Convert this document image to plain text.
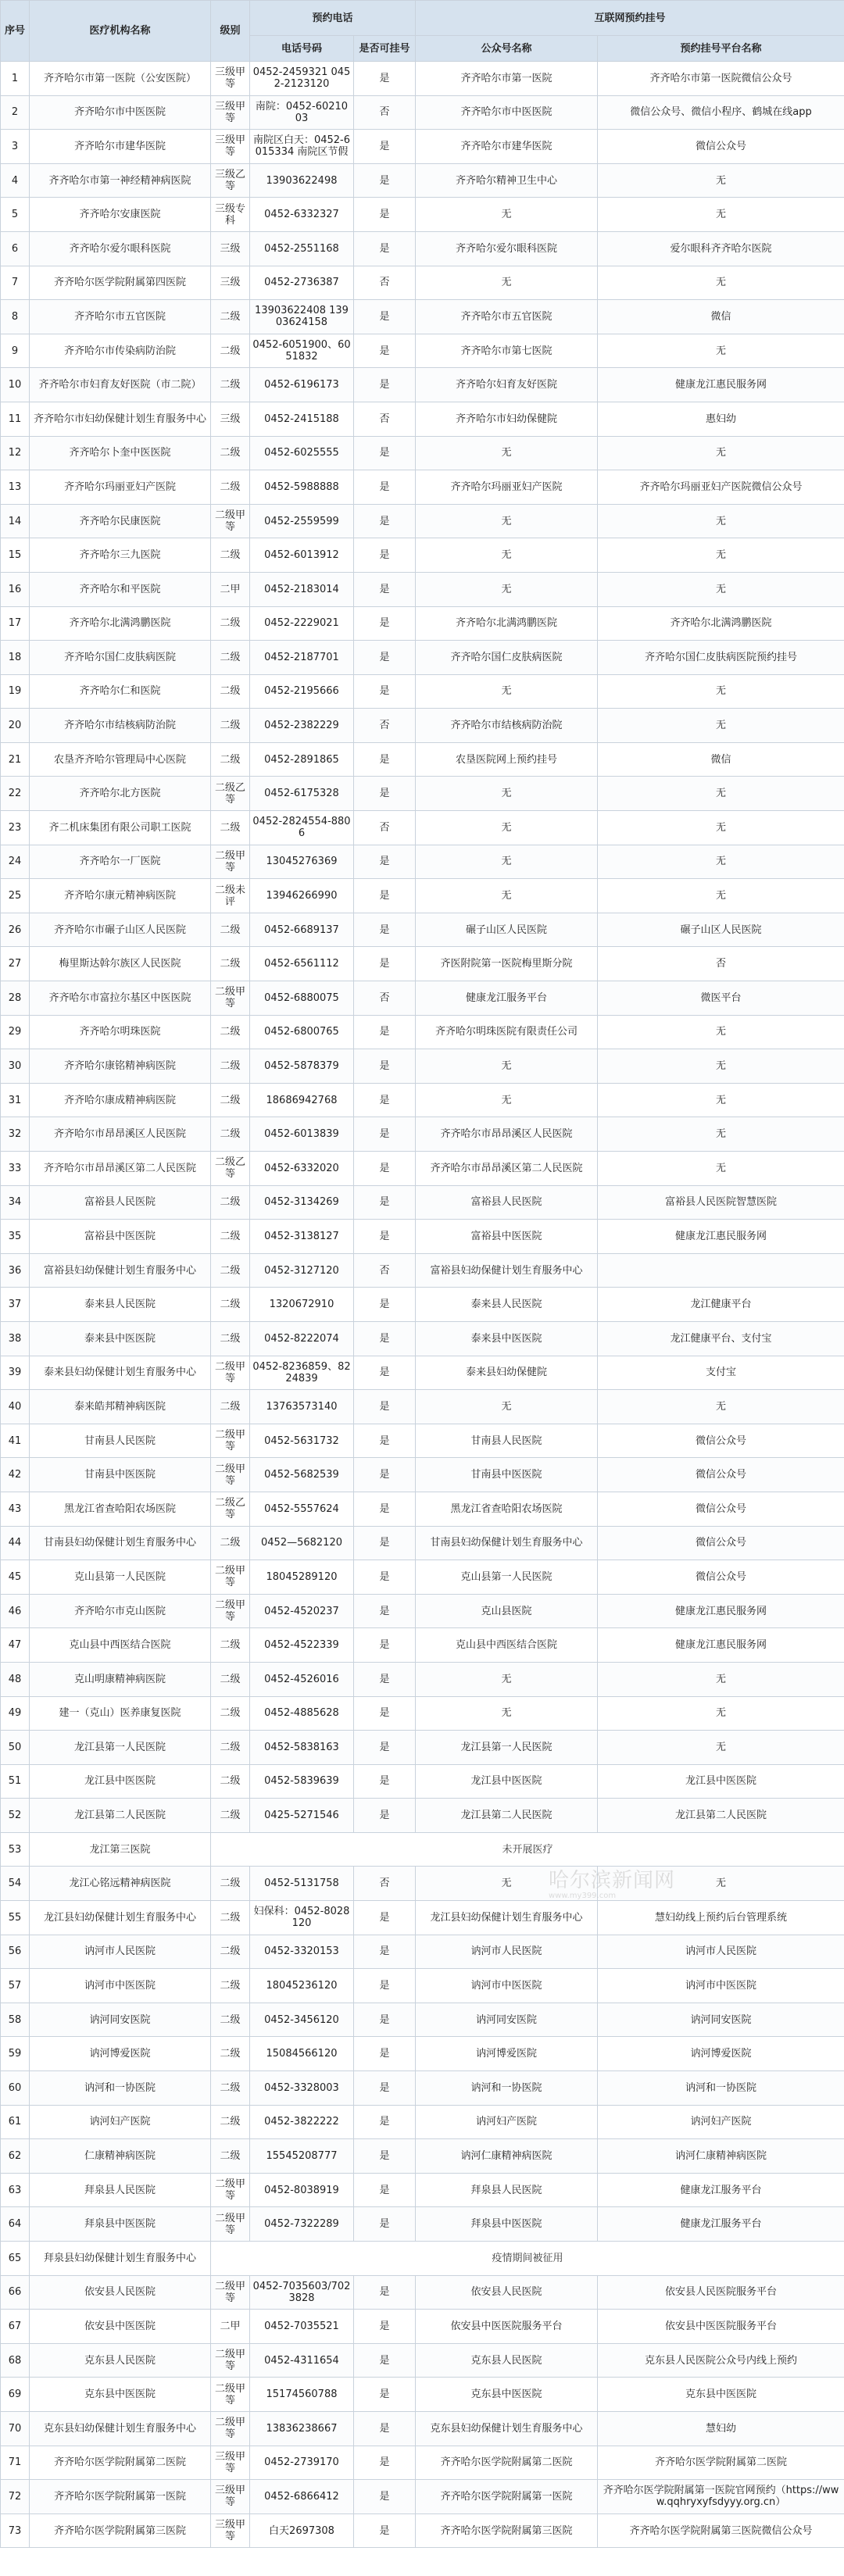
序号	医疗机构名称	级别	预约电话		互联网预约挂号	
			电话号码	是否可挂号	公众号名称	预约挂号平台名称
1	齐齐哈尔市第一医院（公安医院）	三级甲等	0452-2459321 0452-2123120	是	齐齐哈尔市第一医院	齐齐哈尔市第一医院微信公众号
2	齐齐哈尔市中医医院	三级甲等	南院：0452-6021003	否	齐齐哈尔市中医医院	微信公众号、微信小程序、鹤城在线app
3	齐齐哈尔市建华医院	三级甲等	南院区白天：0452-6015334 南院区节假	是	齐齐哈尔市建华医院	微信公众号
4	齐齐哈尔市第一神经精神病医院	三级乙等	13903622498	是	齐齐哈尔精神卫生中心	无
5	齐齐哈尔安康医院	三级专科	0452-6332327	是	无	无
6	齐齐哈尔爱尔眼科医院	三级	0452-2551168	是	齐齐哈尔爱尔眼科医院	爱尔眼科齐齐哈尔医院
7	齐齐哈尔医学院附属第四医院	三级	0452-2736387	否	无	无
8	齐齐哈尔市五官医院	二级	13903622408 13903624158	是	齐齐哈尔市五官医院	微信
9	齐齐哈尔市传染病防治院	二级	0452-6051900、6051832	是	齐齐哈尔市第七医院	无
10	齐齐哈尔市妇育友好医院（市二院）	二级	0452-6196173	是	齐齐哈尔妇育友好医院	健康龙江惠民服务网
11	齐齐哈尔市妇幼保健计划生育服务中心	三级	0452-2415188	否	齐齐哈尔市妇幼保健院	惠妇幼
12	齐齐哈尔卜奎中医医院	二级	0452-6025555	是	无	无
13	齐齐哈尔玛丽亚妇产医院	二级	0452-5988888	是	齐齐哈尔玛丽亚妇产医院	齐齐哈尔玛丽亚妇产医院微信公众号
14	齐齐哈尔民康医院	二级甲等	0452-2559599	是	无	无
15	齐齐哈尔三九医院	二级	0452-6013912	是	无	无
16	齐齐哈尔和平医院	二甲	0452-2183014	是	无	无
17	齐齐哈尔北满鸿鹏医院	二级	0452-2229021	是	齐齐哈尔北满鸿鹏医院	齐齐哈尔北满鸿鹏医院
18	齐齐哈尔国仁皮肤病医院	二级	0452-2187701	是	齐齐哈尔国仁皮肤病医院	齐齐哈尔国仁皮肤病医院预约挂号
19	齐齐哈尔仁和医院	二级	0452-2195666	是	无	无
20	齐齐哈尔市结核病防治院	二级	0452-2382229	否	齐齐哈尔市结核病防治院	无
21	农垦齐齐哈尔管理局中心医院	二级	0452-2891865	是	农垦医院网上预约挂号	微信
22	齐齐哈尔北方医院	二级乙等	0452-6175328	是	无	无
23	齐二机床集团有限公司职工医院	二级	0452-2824554-8806	否	无	无
24	齐齐哈尔一厂医院	二级甲等	13045276369	是	无	无
25	齐齐哈尔康元精神病医院	二级未评	13946266990	是	无	无
26	齐齐哈尔市碾子山区人民医院	二级	0452-6689137	是	碾子山区人民医院	碾子山区人民医院
27	梅里斯达斡尔族区人民医院	二级	0452-6561112	是	齐医附院第一医院梅里斯分院	否
28	齐齐哈尔市富拉尔基区中医医院	二级甲等	0452-6880075	否	健康龙江服务平台	微医平台
29	齐齐哈尔明珠医院	二级	0452-6800765	是	齐齐哈尔明珠医院有限责任公司	无
30	齐齐哈尔康铭精神病医院	二级	0452-5878379	是	无	无
31	齐齐哈尔康成精神病医院	二级	18686942768	是	无	无
32	齐齐哈尔市昂昂溪区人民医院	二级	0452-6013839	是	齐齐哈尔市昂昂溪区人民医院	无
33	齐齐哈尔市昂昂溪区第二人民医院	二级乙等	0452-6332020	是	齐齐哈尔市昂昂溪区第二人民医院	无
34	富裕县人民医院	二级	0452-3134269	是	富裕县人民医院	富裕县人民医院智慧医院
35	富裕县中医医院	二级	0452-3138127	是	富裕县中医医院	健康龙江惠民服务网
36	富裕县妇幼保健计划生育服务中心	二级	0452-3127120	否	富裕县妇幼保健计划生育服务中心	
37	泰来县人民医院	二级	1320672910	是	泰来县人民医院	龙江健康平台
38	泰来县中医医院	二级	0452-8222074	是	泰来县中医医院	龙江健康平台、支付宝
39	泰来县妇幼保健计划生育服务中心	二级甲等	0452-8236859、8224839	是	泰来县妇幼保健院	支付宝
40	泰来皓邦精神病医院	二级	13763573140	是	无	无
41	甘南县人民医院	二级甲等	0452-5631732	是	甘南县人民医院	微信公众号
42	甘南县中医医院	二级甲等	0452-5682539	是	甘南县中医医院	微信公众号
43	黑龙江省查哈阳农场医院	二级乙等	0452-5557624	是	黑龙江省查哈阳农场医院	微信公众号
44	甘南县妇幼保健计划生育服务中心	二级	0452—5682120	是	甘南县妇幼保健计划生育服务中心	微信公众号
45	克山县第一人民医院	二级甲等	18045289120	是	克山县第一人民医院	微信公众号
46	齐齐哈尔市克山医院	二级甲等	0452-4520237	是	克山县医院	健康龙江惠民服务网
47	克山县中西医结合医院	二级	0452-4522339	是	克山县中西医结合医院	健康龙江惠民服务网
48	克山明康精神病医院	二级	0452-4526016	是	无	无
49	建一（克山）医养康复医院	二级	0452-4885628	是	无	无
50	龙江县第一人民医院	二级	0452-5838163	是	龙江县第一人民医院	无
51	龙江县中医医院	二级	0452-5839639	是	龙江县中医医院	龙江县中医医院
52	龙江县第二人民医院	二级	0425-5271546	是	龙江县第二人民医院	龙江县第二人民医院
53	龙江第三医院	未开展医疗				
54	龙江心铭远精神病医院	二级	0452-5131758	否	无	无
55	龙江县妇幼保健计划生育服务中心	二级	妇保科：0452-8028120	是	龙江县妇幼保健计划生育服务中心	慧妇幼线上预约后台管理系统
56	讷河市人民医院	二级	0452-3320153	是	讷河市人民医院	讷河市人民医院
57	讷河市中医医院	二级	18045236120	是	讷河市中医医院	讷河市中医医院
58	讷河同安医院	二级	0452-3456120	是	讷河同安医院	讷河同安医院
59	讷河博爱医院	二级	15084566120	是	讷河博爱医院	讷河博爱医院
60	讷河和一协医院	二级	0452-3328003	是	讷河和一协医院	讷河和一协医院
61	讷河妇产医院	二级	0452-3822222	是	讷河妇产医院	讷河妇产医院
62	仁康精神病医院	二级	15545208777	是	讷河仁康精神病医院	讷河仁康精神病医院
63	拜泉县人民医院	二级甲等	0452-8038919	是	拜泉县人民医院	健康龙江服务平台
64	拜泉县中医医院	二级甲等	0452-7322289	是	拜泉县中医医院	健康龙江服务平台
65	拜泉县妇幼保健计划生育服务中心	疫情期间被征用				
66	依安县人民医院	二级甲等	0452-7035603/7023828	是	依安县人民医院	依安县人民医院服务平台
67	依安县中医医院	二甲	0452-7035521	是	依安县中医医院服务平台	依安县中医医院服务平台
68	克东县人民医院	二级甲等	0452-4311654	是	克东县人民医院	克东县人民医院公众号内线上预约
69	克东县中医医院	二级甲等	15174560788	是	克东县中医医院	克东县中医医院
70	克东县妇幼保健计划生育服务中心	二级甲等	13836238667	是	克东县妇幼保健计划生育服务中心	慧妇幼
71	齐齐哈尔医学院附属第二医院	三级甲等	0452-2739170	是	齐齐哈尔医学院附属第二医院	齐齐哈尔医学院附属第二医院
72	齐齐哈尔医学院附属第一医院	三级甲等	0452-6866412	是	齐齐哈尔医学院附属第一医院	齐齐哈尔医学院附属第一医院官网预约（https://www.qqhryxyfsdyyy.org.cn）
73	齐齐哈尔医学院附属第三医院	三级甲等	白天2697308	是	齐齐哈尔医学院附属第三医院	齐齐哈尔医学院附属第三医院微信公众号
哈尔滨新闻网
www.my399.com
